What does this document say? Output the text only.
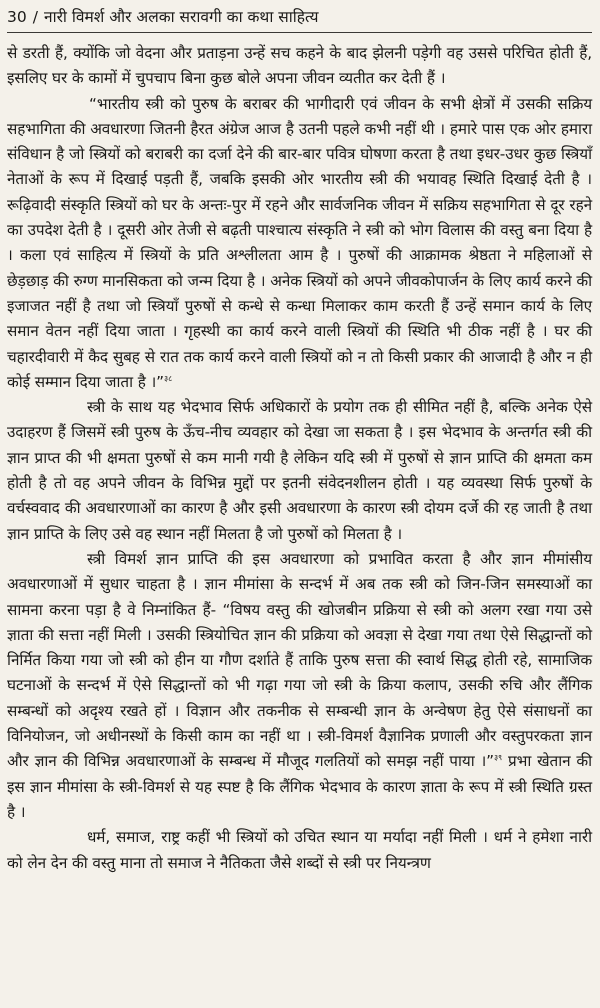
30 / नारी विमर्श और अलका सरावगी का कथा साहित्य

से डरती हैं, क्योंकि जो वेदना और प्रताड़ना उन्हें सच कहने के बाद झेलनी पड़ेगी वह उससे परिचित होती हैं, इसलिए घर के कामों में चुपचाप बिना कुछ बोले अपना जीवन व्यतीत कर देती हैं ।

“भारतीय स्त्री को पुरुष के बराबर की भागीदारी एवं जीवन के सभी क्षेत्रों में उसकी सक्रिय सहभागिता की अवधारणा जितनी हैरत अंग्रेज आज है उतनी पहले कभी नहीं थी । हमारे पास एक ओर हमारा संविधान है जो स्त्रियों को बराबरी का दर्जा देने की बार-बार पवित्र घोषणा करता है तथा इधर-उधर कुछ स्त्रियाँ नेताओं के रूप में दिखाई पड़ती हैं, जबकि इसकी ओर भारतीय स्त्री की भयावह स्थिति दिखाई देती है । रूढ़िवादी संस्कृति स्त्रियों को घर के अन्तः-पुर में रहने और सार्वजनिक जीवन में सक्रिय सहभागिता से दूर रहने का उपदेश देती है । दूसरी ओर तेजी से बढ़ती पाश्चात्य संस्कृति ने स्त्री को भोग विलास की वस्तु बना दिया है । कला एवं साहित्य में स्त्रियों के प्रति अश्लीलता आम है । पुरुषों की आक्रामक श्रेष्ठता ने महिलाओं से छेड़छाड़ की रुग्ण मानसिकता को जन्म दिया है । अनेक स्त्रियों को अपने जीवकोपार्जन के लिए कार्य करने की इजाजत नहीं है तथा जो स्त्रियाँ पुरुषों से कन्धे से कन्धा मिलाकर काम करती हैं उन्हें समान कार्य के लिए समान वेतन नहीं दिया जाता । गृहस्थी का कार्य करने वाली स्त्रियों की स्थिति भी ठीक नहीं है । घर की चहारदीवारी में कैद सुबह से रात तक कार्य करने वाली स्त्रियों को न तो किसी प्रकार की आजादी है और न ही कोई सम्मान दिया जाता है ।”$^{३८}$

स्त्री के साथ यह भेदभाव सिर्फ अधिकारों के प्रयोग तक ही सीमित नहीं है, बल्कि अनेक ऐसे उदाहरण हैं जिसमें स्त्री पुरुष के ऊँच-नीच व्यवहार को देखा जा सकता है । इस भेदभाव के अन्तर्गत स्त्री की ज्ञान प्राप्त की भी क्षमता पुरुषों से कम मानी गयी है लेकिन यदि स्त्री में पुरुषों से ज्ञान प्राप्ति की क्षमता कम होती है तो वह अपने जीवन के विभिन्न मुद्दों पर इतनी संवेदनशीलन होती । यह व्यवस्था सिर्फ पुरुषों के वर्चस्ववाद की अवधारणाओं का कारण है और इसी अवधारणा के कारण स्त्री दोयम दर्जे की रह जाती है तथा ज्ञान प्राप्ति के लिए उसे वह स्थान नहीं मिलता है जो पुरुषों को मिलता है ।

स्त्री विमर्श ज्ञान प्राप्ति की इस अवधारणा को प्रभावित करता है और ज्ञान मीमांसीय अवधारणाओं में सुधार चाहता है । ज्ञान मीमांसा के सन्दर्भ में अब तक स्त्री को जिन-जिन समस्याओं का सामना करना पड़ा है वे निम्नांकित हैं- “विषय वस्तु की खोजबीन प्रक्रिया से स्त्री को अलग रखा गया उसे ज्ञाता की सत्ता नहीं मिली । उसकी स्त्रियोचित ज्ञान की प्रक्रिया को अवज्ञा से देखा गया तथा ऐसे सिद्धान्तों को निर्मित किया गया जो स्त्री को हीन या गौण दर्शाते हैं ताकि पुरुष सत्ता की स्वार्थ सिद्ध होती रहे, सामाजिक घटनाओं के सन्दर्भ में ऐसे सिद्धान्तों को भी गढ़ा गया जो स्त्री के क्रिया कलाप, उसकी रुचि और लैंगिक सम्बन्धों को अदृश्य रखते हों । विज्ञान और तकनीक से सम्बन्धी ज्ञान के अन्वेषण हेतु ऐसे संसाधनों का विनियोजन, जो अधीनस्थों के किसी काम का नहीं था । स्त्री-विमर्श वैज्ञानिक प्रणाली और वस्तुपरकता ज्ञान और ज्ञान की विभिन्न अवधारणाओं के सम्बन्ध में मौजूद गलतियों को समझ नहीं पाया ।”$^{३९}$ प्रभा खेतान की इस ज्ञान मीमांसा के स्त्री-विमर्श से यह स्पष्ट है कि लैंगिक भेदभाव के कारण ज्ञाता के रूप में स्त्री स्थिति ग्रस्त है ।

धर्म, समाज, राष्ट्र कहीं भी स्त्रियों को उचित स्थान या मर्यादा नहीं मिली । धर्म ने हमेशा नारी को लेन देन की वस्तु माना तो समाज ने नैतिकता जैसे शब्दों से स्त्री पर नियन्त्रण
